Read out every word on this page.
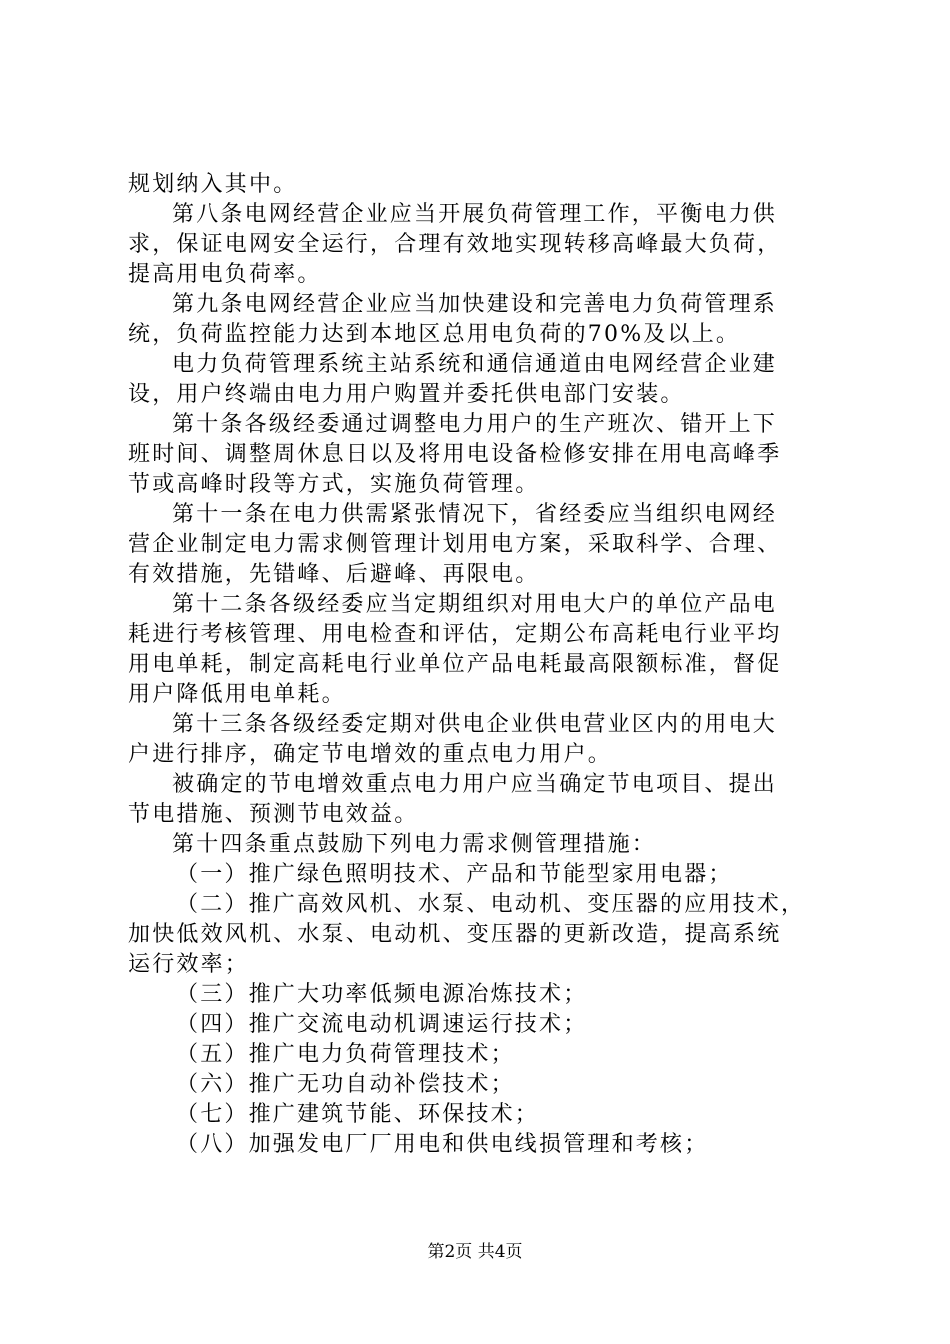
规划纳入其中。
第八条电网经营企业应当开展负荷管理工作，平衡电力供
求，保证电网安全运行，合理有效地实现转移高峰最大负荷，
提高用电负荷率。
第九条电网经营企业应当加快建设和完善电力负荷管理系
统，负荷监控能力达到本地区总用电负荷的70%及以上。
电力负荷管理系统主站系统和通信通道由电网经营企业建
设，用户终端由电力用户购置并委托供电部门安装。
第十条各级经委通过调整电力用户的生产班次、错开上下
班时间、调整周休息日以及将用电设备检修安排在用电高峰季
节或高峰时段等方式，实施负荷管理。
第十一条在电力供需紧张情况下，省经委应当组织电网经
营企业制定电力需求侧管理计划用电方案，采取科学、合理、
有效措施，先错峰、后避峰、再限电。
第十二条各级经委应当定期组织对用电大户的单位产品电
耗进行考核管理、用电检查和评估，定期公布高耗电行业平均
用电单耗，制定高耗电行业单位产品电耗最高限额标准，督促
用户降低用电单耗。
第十三条各级经委定期对供电企业供电营业区内的用电大
户进行排序，确定节电增效的重点电力用户。
被确定的节电增效重点电力用户应当确定节电项目、提出
节电措施、预测节电效益。
第十四条重点鼓励下列电力需求侧管理措施：
（一）推广绿色照明技术、产品和节能型家用电器；
（二）推广高效风机、水泵、电动机、变压器的应用技术，
加快低效风机、水泵、电动机、变压器的更新改造，提高系统
运行效率；
（三）推广大功率低频电源冶炼技术；
（四）推广交流电动机调速运行技术；
（五）推广电力负荷管理技术；
（六）推广无功自动补偿技术；
（七）推广建筑节能、环保技术；
（八）加强发电厂厂用电和供电线损管理和考核；
第2页 共4页
